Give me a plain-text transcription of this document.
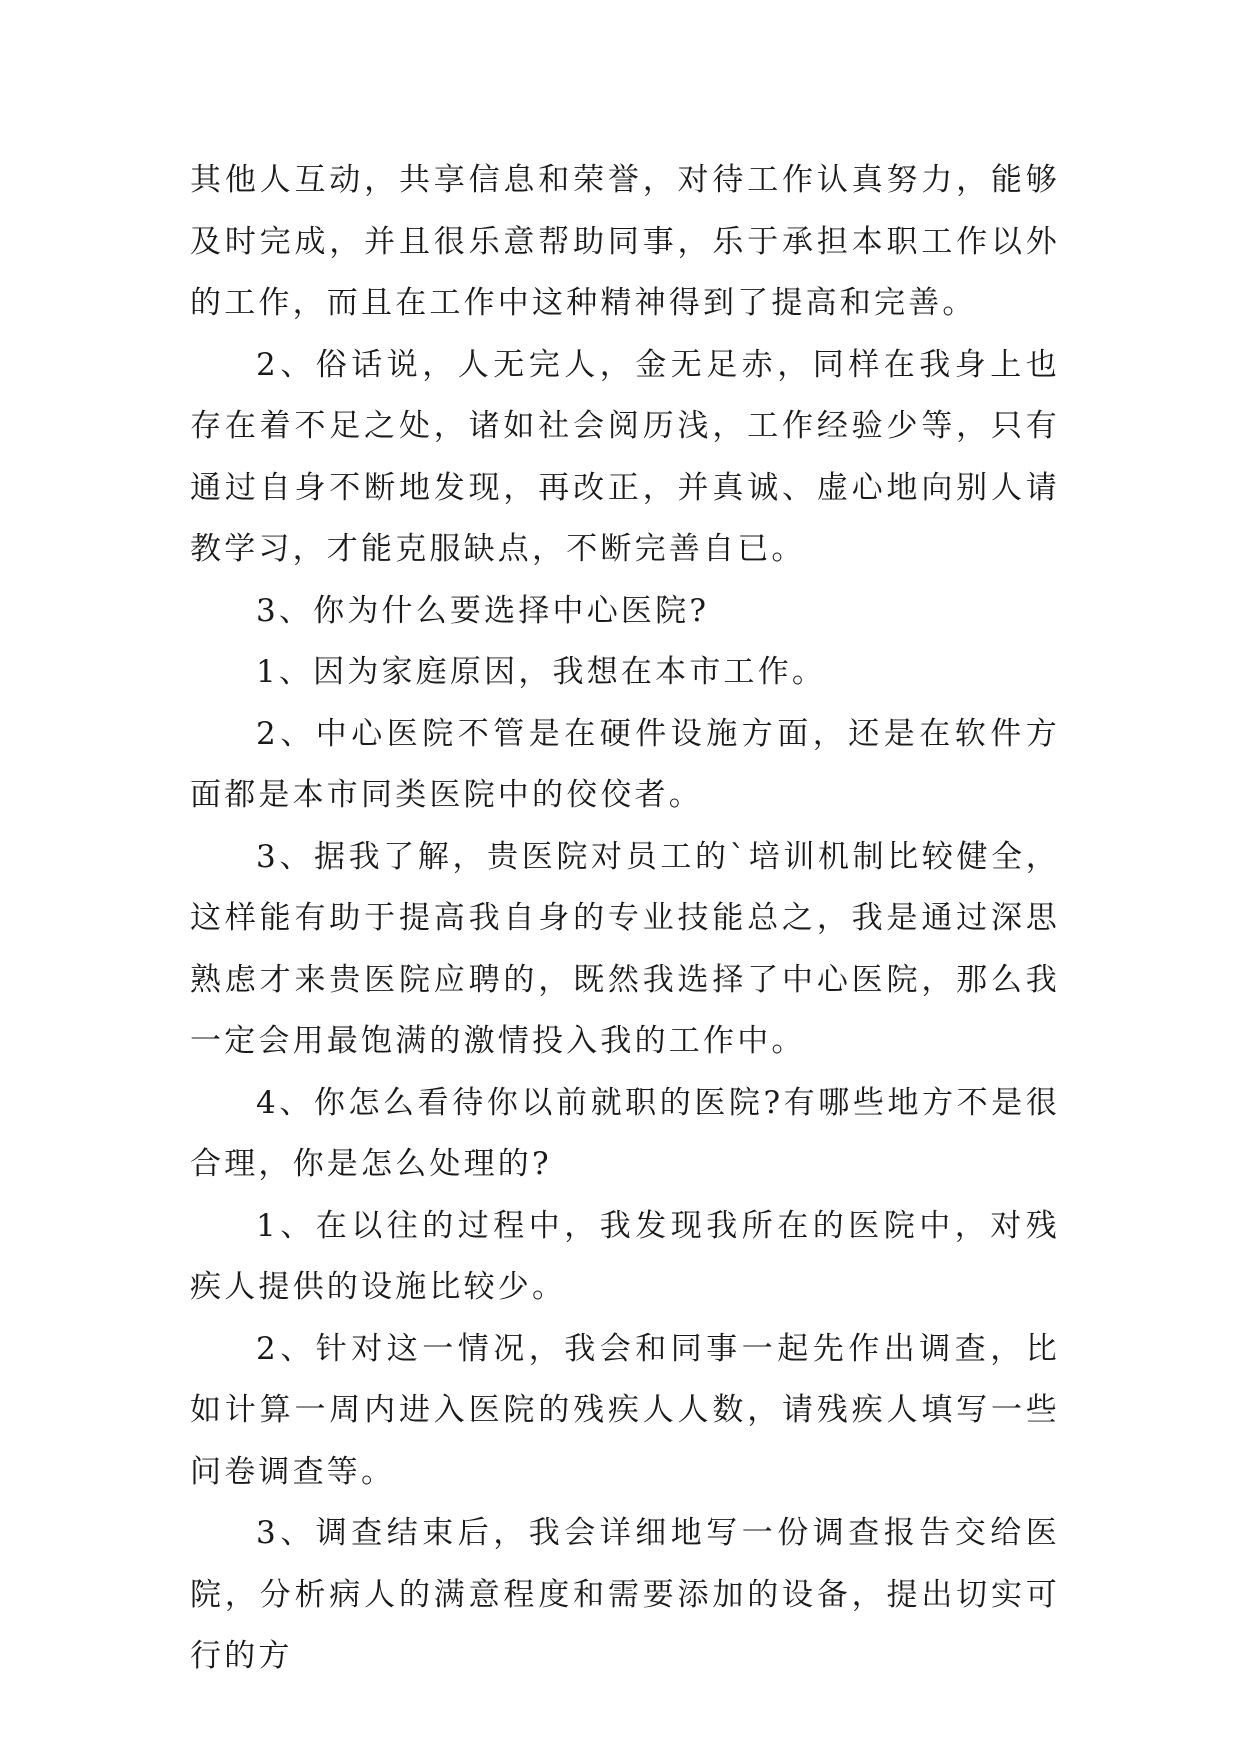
其他人互动，共享信息和荣誉，对待工作认真努力，能够及时完成，并且很乐意帮助同事，乐于承担本职工作以外的工作，而且在工作中这种精神得到了提高和完善。

2、俗话说，人无完人，金无足赤，同样在我身上也存在着不足之处，诸如社会阅历浅，工作经验少等，只有通过自身不断地发现，再改正，并真诚、虚心地向别人请教学习，才能克服缺点，不断完善自已。

3、你为什么要选择中心医院?

1、因为家庭原因，我想在本市工作。

2、中心医院不管是在硬件设施方面，还是在软件方面都是本市同类医院中的佼佼者。

3、据我了解，贵医院对员工的`培训机制比较健全，这样能有助于提高我自身的专业技能总之，我是通过深思熟虑才来贵医院应聘的，既然我选择了中心医院，那么我一定会用最饱满的激情投入我的工作中。

4、你怎么看待你以前就职的医院?有哪些地方不是很合理，你是怎么处理的?

1、在以往的过程中，我发现我所在的医院中，对残疾人提供的设施比较少。

2、针对这一情况，我会和同事一起先作出调查，比如计算一周内进入医院的残疾人人数，请残疾人填写一些问卷调查等。

3、调查结束后，我会详细地写一份调查报告交给医院，分析病人的满意程度和需要添加的设备，提出切实可行的方
